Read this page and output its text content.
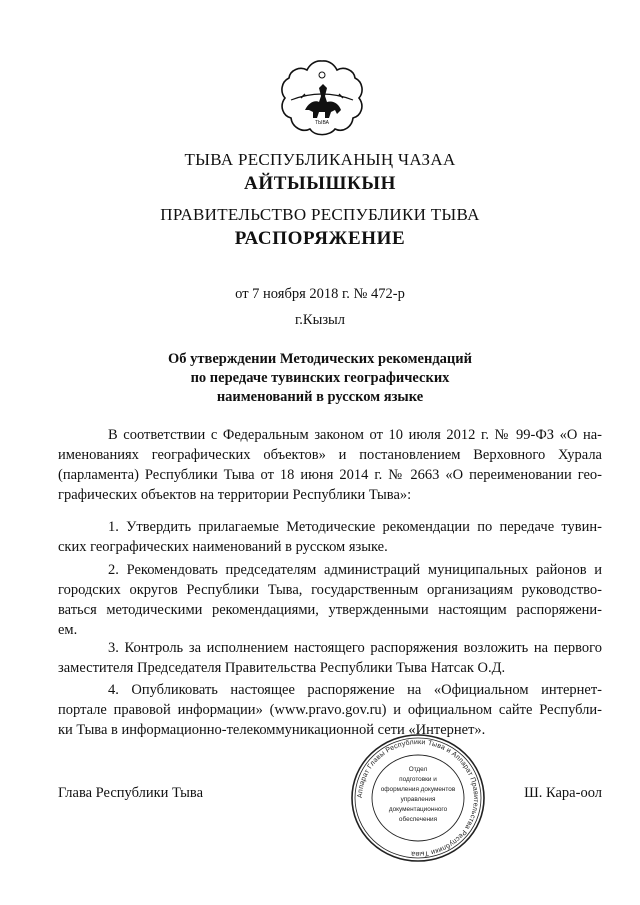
ТЫВА
ТЫВА РЕСПУБЛИКАНЫҢ ЧАЗАА
АЙТЫЫШКЫН
ПРАВИТЕЛЬСТВО РЕСПУБЛИКИ ТЫВА
РАСПОРЯЖЕНИЕ
от 7 ноября 2018 г. № 472-р
г.Кызыл
Об утверждении Методических рекомендаций
по передаче тувинских географических
наименований в русском языке
В соответствии с Федеральным законом от 10 июля 2012 г. № 99-ФЗ «О на-
именованиях географических объектов» и постановлением Верховного Хурала
(парламента) Республики Тыва от 18 июня 2014 г. № 2663 «О переименовании гео-
графических объектов на территории Республики Тыва»:
1. Утвердить прилагаемые Методические рекомендации по передаче тувин-
ских географических наименований в русском языке.
2. Рекомендовать председателям администраций муниципальных районов и
городских округов Республики Тыва, государственным организациям руководство-
ваться методическими рекомендациями, утвержденными настоящим распоряжени-
ем.
3. Контроль за исполнением настоящего распоряжения возложить на первого
заместителя Председателя Правительства Республики Тыва Натсак О.Д.
4. Опубликовать настоящее распоряжение на «Официальном интернет-
портале правовой информации» (www.pravo.gov.ru) и официальном сайте Республи-
ки Тыва в информационно-телекоммуникационной сети «Интернет».
Глава Республики Тыва	Ш. Кара-оол
Аппарат Главы Республики Тыва и Аппарат Правительства Республики Тыва
Отдел
подготовки и
оформления документов
управления
документационного
обеспечения
